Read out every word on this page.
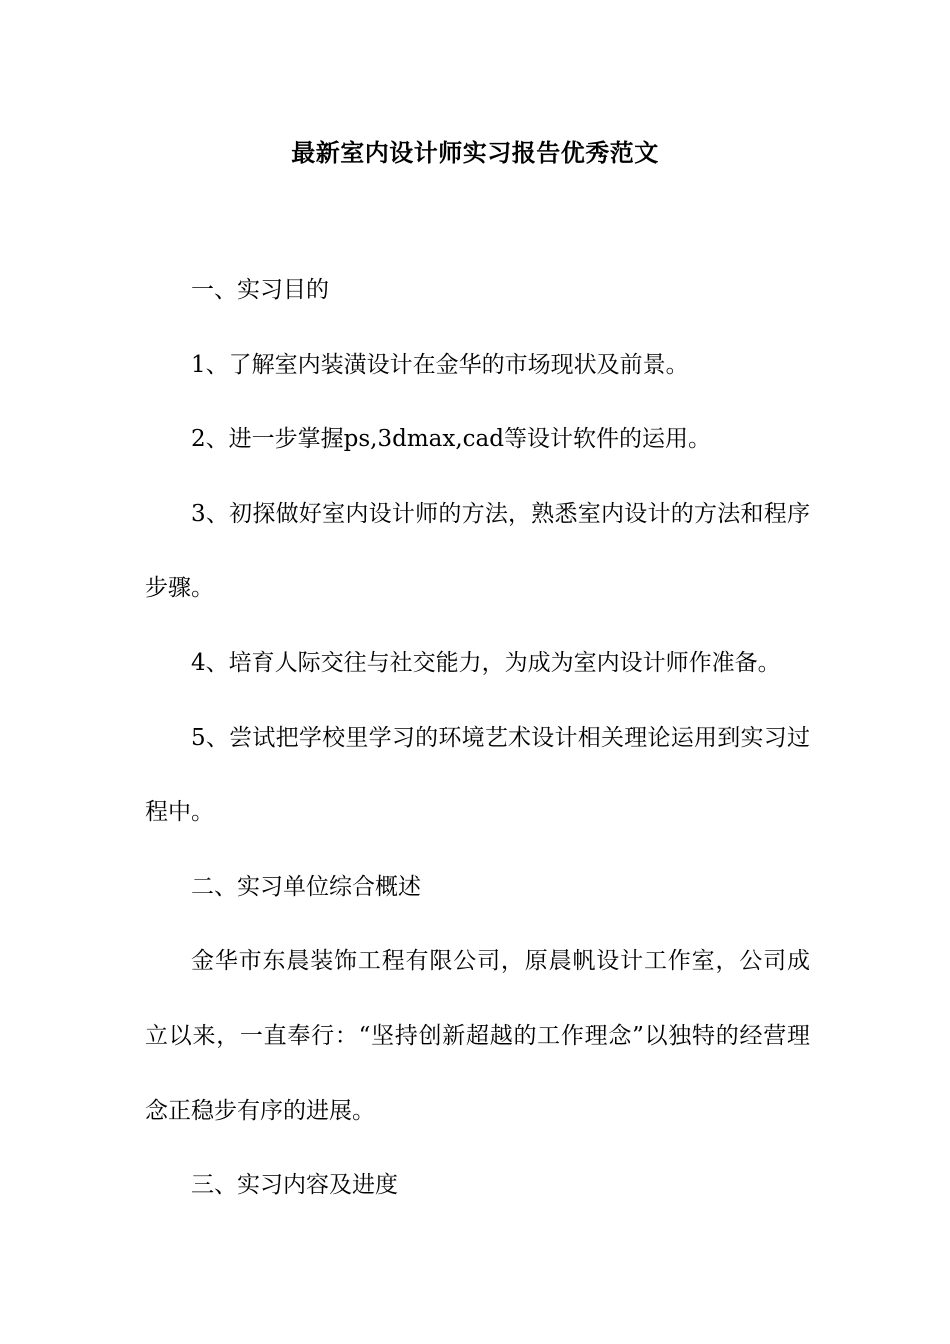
最新室内设计师实习报告优秀范文

一、实习目的

1、了解室内装潢设计在金华的市场现状及前景。

2、进一步掌握ps,3dmax,cad等设计软件的运用。

3、初探做好室内设计师的方法，熟悉室内设计的方法和程序步骤。

4、培育人际交往与社交能力，为成为室内设计师作准备。

5、尝试把学校里学习的环境艺术设计相关理论运用到实习过程中。

二、实习单位综合概述

金华市东晨装饰工程有限公司，原晨帆设计工作室，公司成立以来，一直奉行：“坚持创新超越的工作理念”以独特的经营理念正稳步有序的进展。

三、实习内容及进度
